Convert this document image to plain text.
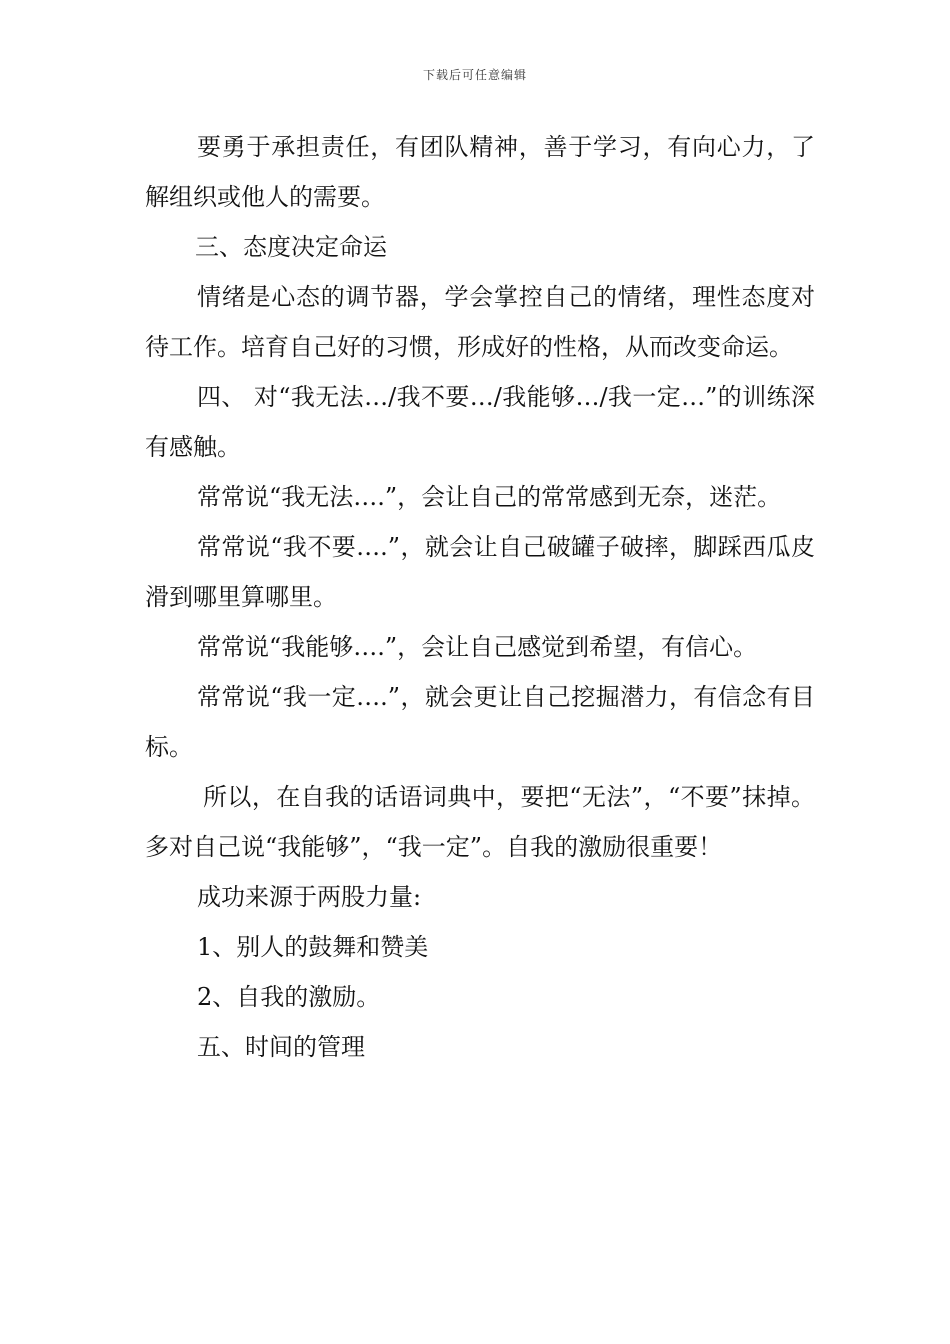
下载后可任意编辑

要勇于承担责任，有团队精神，善于学习，有向心力，了解组织或他人的需要。

三、态度决定命运

情绪是心态的调节器，学会掌控自己的情绪，理性态度对待工作。培育自己好的习惯，形成好的性格，从而改变命运。

四、 对“我无法…/我不要…/我能够…/我一定…”的训练深有感触。

常常说“我无法….”，会让自己的常常感到无奈，迷茫。

常常说“我不要….”，就会让自己破罐子破摔，脚踩西瓜皮滑到哪里算哪里。

常常说“我能够….”，会让自己感觉到希望，有信心。

常常说“我一定….”，就会更让自己挖掘潜力，有信念有目标。

所以，在自我的话语词典中，要把“无法”，“不要”抹掉。多对自己说“我能够”，“我一定”。自我的激励很重要！

成功来源于两股力量:

1、别人的鼓舞和赞美

2、自我的激励。

五、时间的管理
